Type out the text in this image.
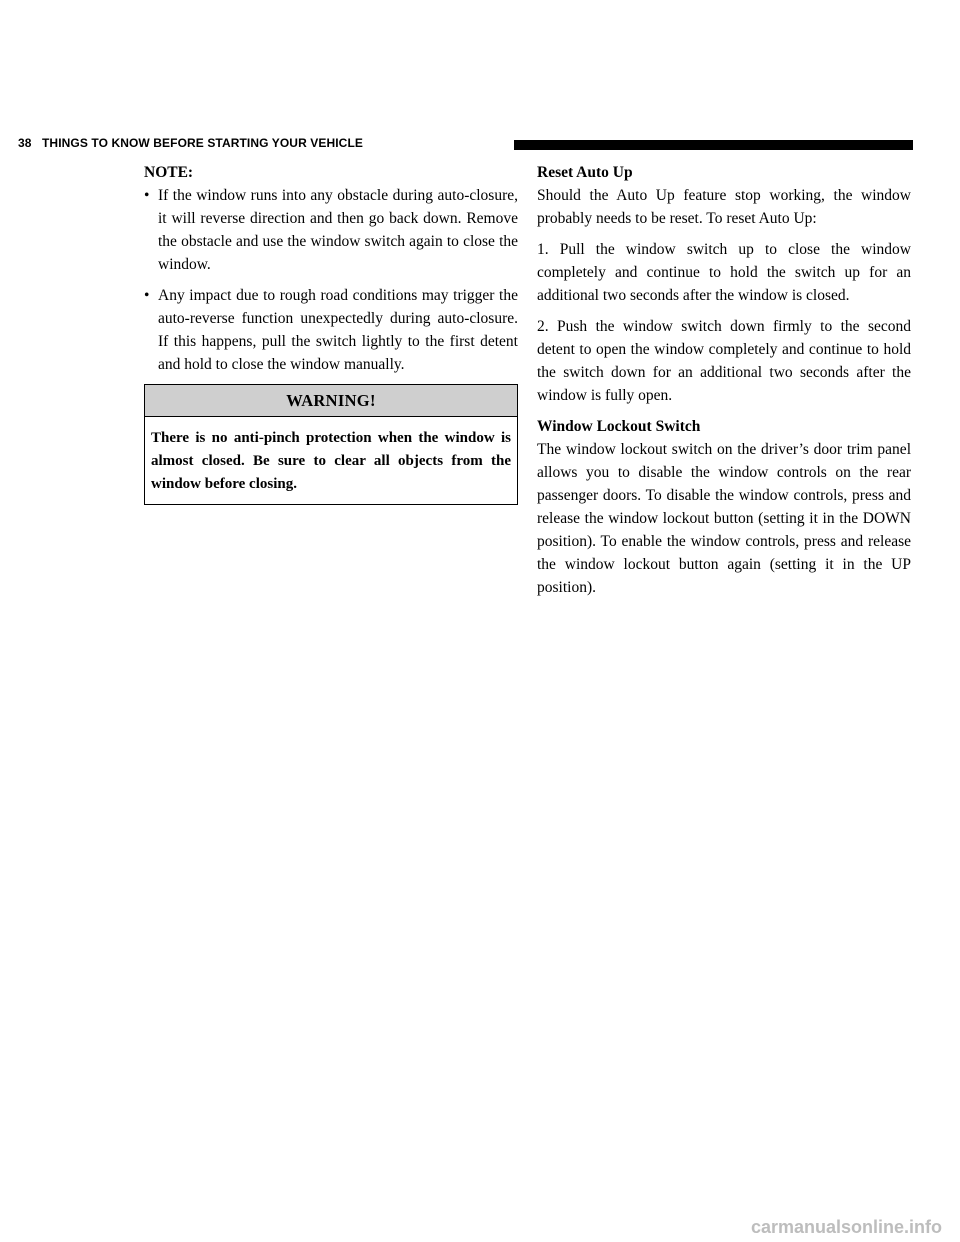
38 THINGS TO KNOW BEFORE STARTING YOUR VEHICLE

NOTE:

• If the window runs into any obstacle during auto-closure, it will reverse direction and then go back down. Remove the obstacle and use the window switch again to close the window.
• Any impact due to rough road conditions may trigger the auto-reverse function unexpectedly during auto-closure. If this happens, pull the switch lightly to the first detent and hold to close the window manually.
WARNING!
There is no anti-pinch protection when the window is almost closed. Be sure to clear all objects from the window before closing.

Reset Auto Up

Should the Auto Up feature stop working, the window probably needs to be reset. To reset Auto Up:

1. Pull the window switch up to close the window completely and continue to hold the switch up for an additional two seconds after the window is closed.

2. Push the window switch down firmly to the second detent to open the window completely and continue to hold the switch down for an additional two seconds after the window is fully open.

Window Lockout Switch

The window lockout switch on the driver’s door trim panel allows you to disable the window controls on the rear passenger doors. To disable the window controls, press and release the window lockout button (setting it in the DOWN position). To enable the window controls, press and release the window lockout button again (setting it in the UP position).

carmanualsonline.info
